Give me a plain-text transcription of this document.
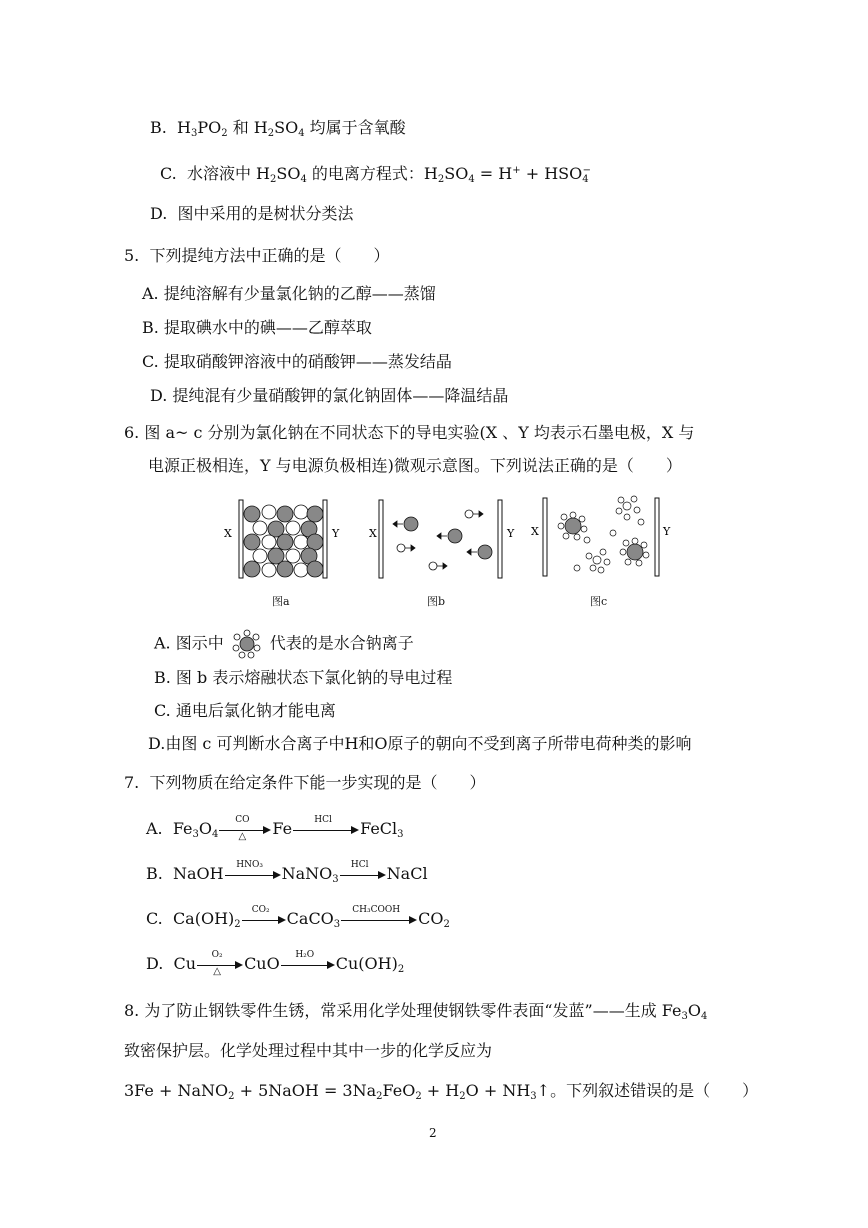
B. $H_3PO_2$ 和 $H_2SO_4$ 均属于含氧酸
C. 水溶液中 $H_2SO_4$ 的电离方程式：$H_2SO_4 = H^+ + HSO_4^-$
D. 图中采用的是树状分类法
5. 下列提纯方法中正确的是（　　）
A. 提纯溶解有少量氯化钠的乙醇——蒸馏
B. 提取碘水中的碘——乙醇萃取
C. 提取硝酸钾溶液中的硝酸钾——蒸发结晶
D. 提纯混有少量硝酸钾的氯化钠固体——降温结晶
6. 图 a~ c 分别为氯化钠在不同状态下的导电实验(X 、Y 均表示石墨电极，X 与
电源正极相连，Y 与电源负极相连)微观示意图。下列说法正确的是（　　）
X	Y	X	Y X	Y
图a	图b	图c
A. 图示中	代表的是水合钠离子
B. 图 b 表示熔融状态下氯化钠的导电过程
C. 通电后氯化钠才能电离
D.由图 c 可判断水合离子中H和O原子的朝向不受到离子所带电荷种类的影响
7. 下列物质在给定条件下能一步实现的是（　　）
A. $Fe_3O_4$
CO
△	Fe	HCl	FeCl$_3$
B. NaOH	HNO₃	NaNO$_3$
HCl	NaCl
C. $Ca(OH)_2$
CO₂	CaCO$_3$
CH₃COOH	$CO_2$
D. Cu	O₂
△	CuO	H₂O	$Cu(OH)_2$
8. 为了防止钢铁零件生锈，常采用化学处理使钢铁零件表面“发蓝”——生成 $Fe_3O_4$
致密保护层。化学处理过程中其中一步的化学反应为
3Fe + NaNO$_2$ + 5NaOH = $3Na_2FeO_2 + H_2O$ + $NH_3↑$。下列叙述错误的是（　　）
2
